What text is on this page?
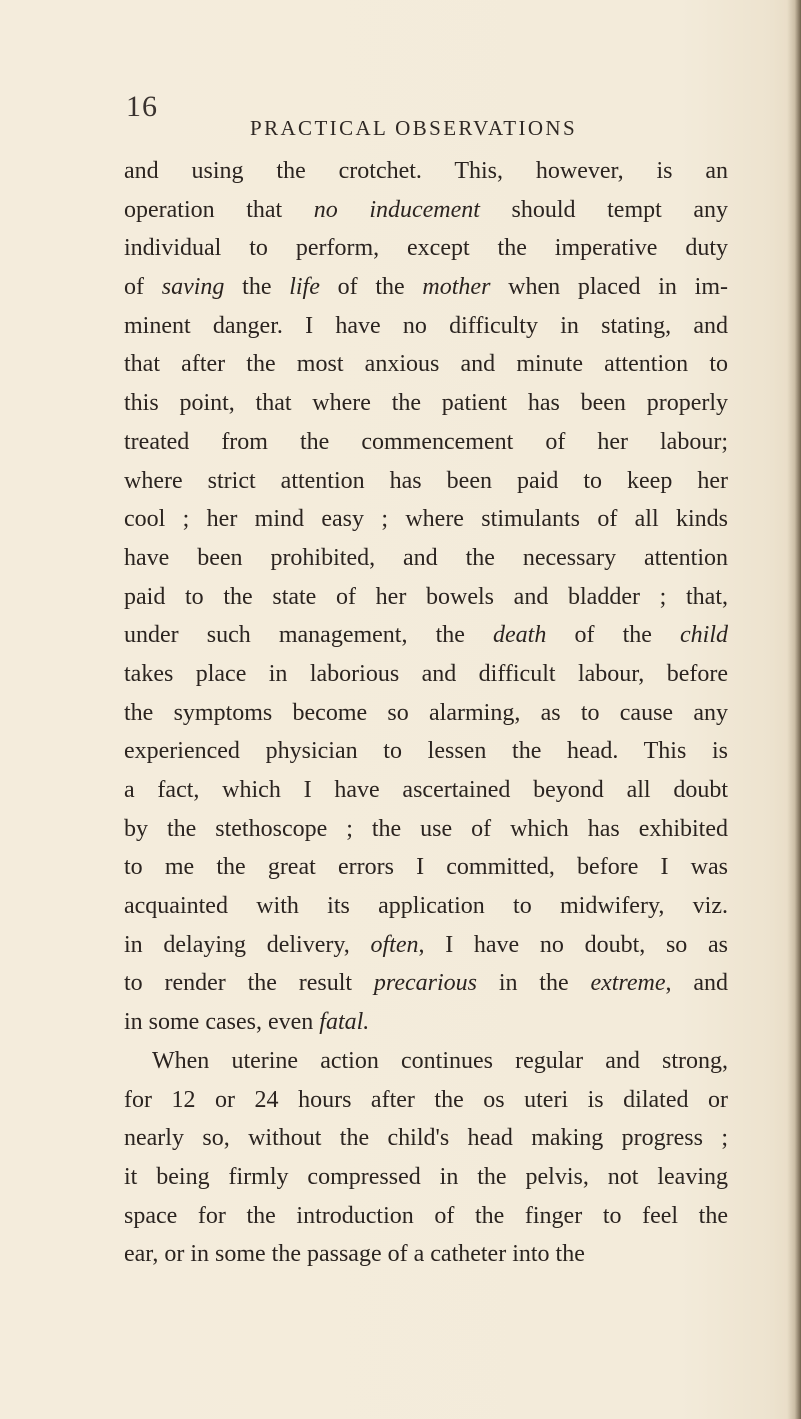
16
PRACTICAL OBSERVATIONS
and using the crotchet. This, however, is an
operation that no inducement should tempt any
individual to perform, except the imperative duty
of saving the life of the mother when placed in im-
minent danger. I have no difficulty in stating, and
that after the most anxious and minute attention to
this point, that where the patient has been properly
treated from the commencement of her labour;
where strict attention has been paid to keep her
cool ; her mind easy ; where stimulants of all kinds
have been prohibited, and the necessary attention
paid to the state of her bowels and bladder ; that,
under such management, the death of the child
takes place in laborious and difficult labour, before
the symptoms become so alarming, as to cause any
experienced physician to lessen the head. This is
a fact, which I have ascertained beyond all doubt
by the stethoscope ; the use of which has exhibited
to me the great errors I committed, before I was
acquainted with its application to midwifery, viz.
in delaying delivery, often, I have no doubt, so as
to render the result precarious in the extreme, and
in some cases, even fatal.
When uterine action continues regular and strong,
for 12 or 24 hours after the os uteri is dilated or
nearly so, without the child's head making progress ;
it being firmly compressed in the pelvis, not leaving
space for the introduction of the finger to feel the
ear, or in some the passage of a catheter into the
